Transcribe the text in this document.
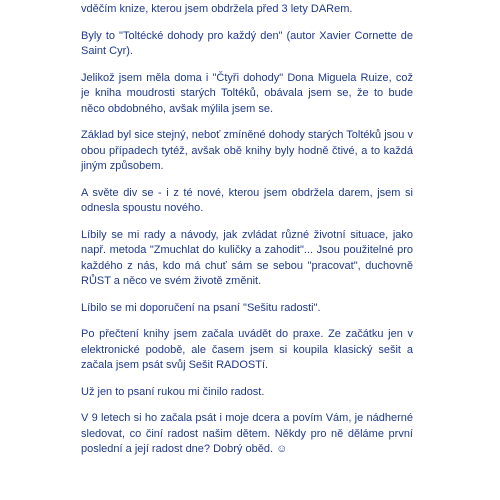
vděčím knize, kterou jsem obdržela před 3 lety DARem.

Byly to "Toltécké dohody pro každý den" (autor Xavier Cornette de Saint Cyr).

Jelikož jsem měla doma i "Čtyři dohody" Dona Miguela Ruize, což je kniha moudrosti starých Toltéků, obávala jsem se, že to bude něco obdobného, avšak mýlila jsem se.

Základ byl sice stejný, neboť zmíněné dohody starých Toltéků jsou v obou případech tytéž, avšak obě knihy byly hodně čtivé, a to každá jiným způsobem.

A světe div se - i z té nové, kterou jsem obdržela darem, jsem si odnesla spoustu nového.

Líbily se mi rady a návody, jak zvládat různé životní situace, jako např. metoda "Zmuchlat do kuličky a zahodit"... Jsou použitelné pro každého z nás, kdo má chuť sám se sebou "pracovat", duchovně RŮST a něco ve svém životě změnit.

Líbilo se mi doporučení na psaní "Sešitu radosti".

Po přečtení knihy jsem začala uvádět do praxe. Ze začátku jen v elektronické podobě, ale časem jsem si koupila klasický sešit a začala jsem psát svůj Sešit RADOSTí.

Už jen to psaní rukou mi činilo radost.

V 9 letech si ho začala psát i moje dcera a povím Vám, je nádherné sledovat, co činí radost našim dětem. Někdy pro ně děláme první poslední a její radost dne? Dobrý oběd. ☺
